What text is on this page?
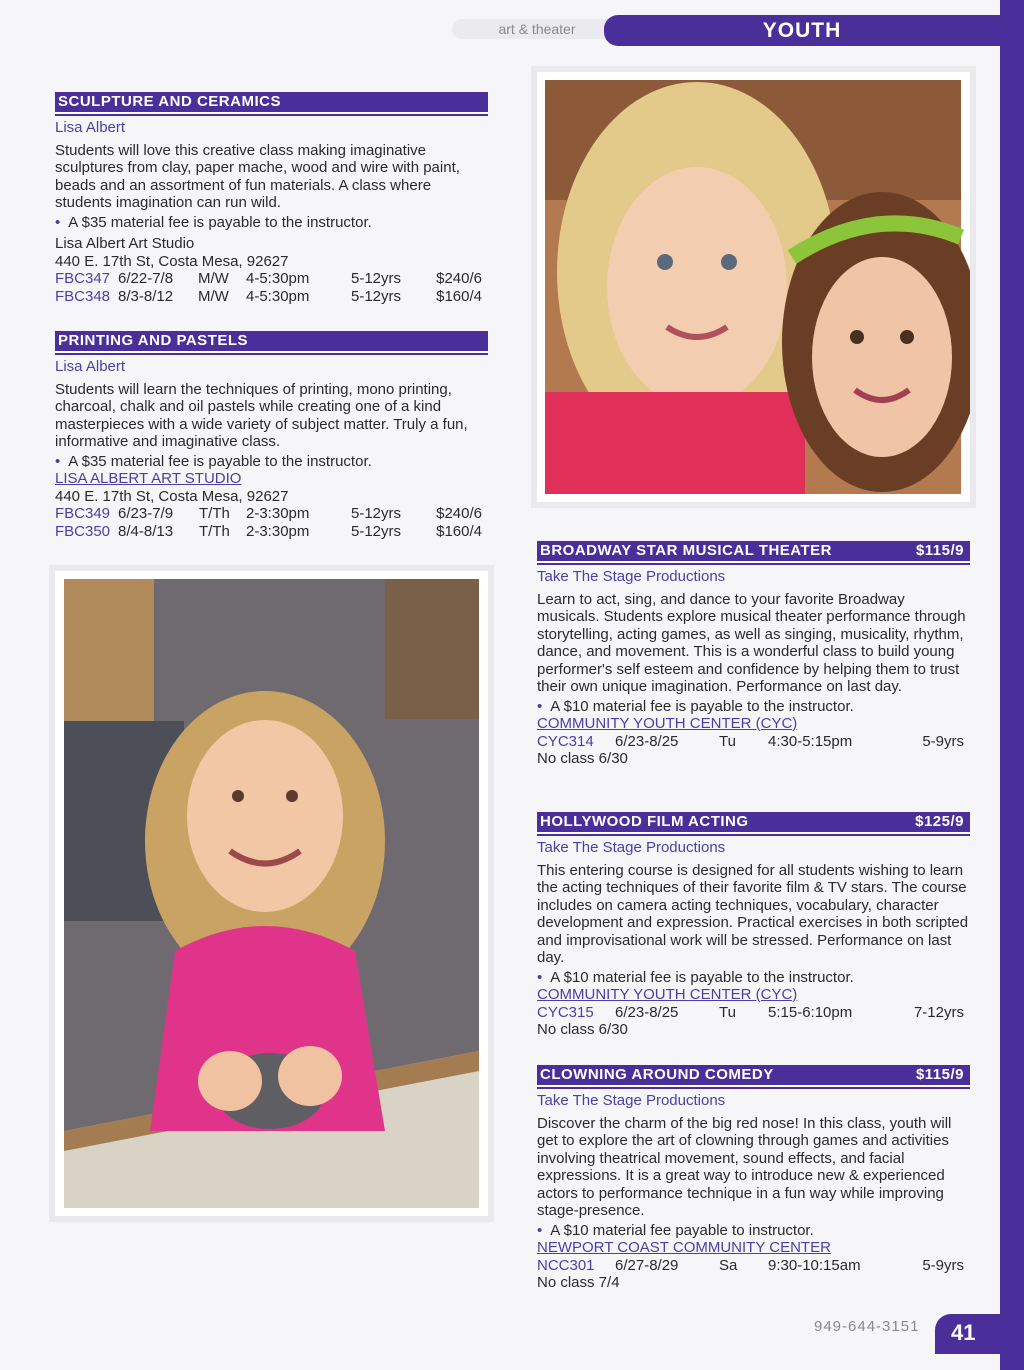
art & theater	YOUTH
SCULPTURE AND CERAMICS
Lisa Albert

Students will love this creative class making imaginative sculptures from clay, paper mache, wood and wire with paint, beads and an assortment of fun materials. A class where students imagination can run wild.

• A $35 material fee is payable to the instructor.
Lisa Albert Art Studio
440 E. 17th St, Costa Mesa, 92627
FBC347 6/22-7/8	M/W	4-5:30pm	5-12yrs	$240/6
FBC348 8/3-8/12	M/W	4-5:30pm	5-12yrs	$160/4
PRINTING AND PASTELS
Lisa Albert

Students will learn the techniques of printing, mono printing, charcoal, chalk and oil pastels while creating one of a kind masterpieces with a wide variety of subject matter. Truly a fun, informative and imaginative class.

• A $35 material fee is payable to the instructor.
LISA ALBERT ART STUDIO
440 E. 17th St, Costa Mesa, 92627
FBC349 6/23-7/9	T/Th	2-3:30pm	5-12yrs	$240/6
FBC350 8/4-8/13	T/Th	2-3:30pm	5-12yrs	$160/4
BROADWAY STAR MUSICAL THEATER	$115/9
Take The Stage Productions

Learn to act, sing, and dance to your favorite Broadway musicals. Students explore musical theater performance through storytelling, acting games, as well as singing, musicality, rhythm, dance, and movement. This is a wonderful class to build young performer's self esteem and confidence by helping them to trust their own unique imagination. Performance on last day.

• A $10 material fee is payable to the instructor.
COMMUNITY YOUTH CENTER (CYC)
CYC314	6/23-8/25	Tu	4:30-5:15pm	5-9yrs
No class 6/30
HOLLYWOOD FILM ACTING	$125/9
Take The Stage Productions

This entering course is designed for all students wishing to learn the acting techniques of their favorite film & TV stars. The course includes on camera acting techniques, vocabulary, character development and expression. Practical exercises in both scripted and improvisational work will be stressed. Performance on last day.

• A $10 material fee is payable to the instructor.
COMMUNITY YOUTH CENTER (CYC)
CYC315	6/23-8/25	Tu	5:15-6:10pm	7-12yrs
No class 6/30
CLOWNING AROUND COMEDY	$115/9
Take The Stage Productions

Discover the charm of the big red nose! In this class, youth will get to explore the art of clowning through games and activities involving theatrical movement, sound effects, and facial expressions. It is a great way to introduce new & experienced actors to performance technique in a fun way while improving stage-presence.

• A $10 material fee payable to instructor.
NEWPORT COAST COMMUNITY CENTER
NCC301	6/27-8/29	Sa	9:30-10:15am	5-9yrs
No class 7/4
949-644-3151	41
